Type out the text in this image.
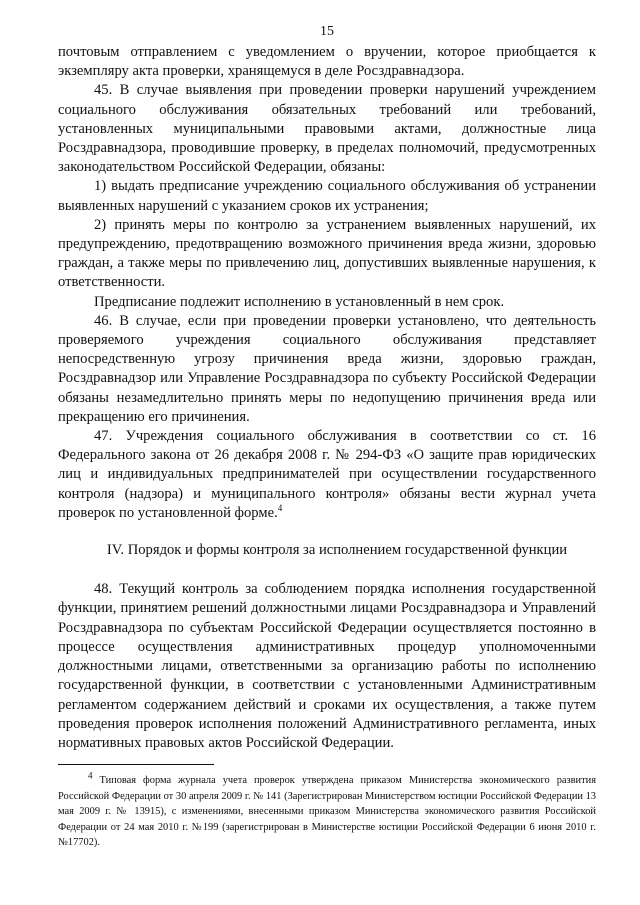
15

почтовым отправлением с уведомлением о вручении, которое приобщается к экземпляру акта проверки, хранящемуся в деле Росздравнадзора.

45. В случае выявления при проведении проверки нарушений учреждением социального обслуживания обязательных требований или требований, установленных муниципальными правовыми актами, должностные лица Росздравнадзора, проводившие проверку, в пределах полномочий, предусмотренных законодательством Российской Федерации, обязаны:

1) выдать предписание учреждению социального обслуживания об устранении выявленных нарушений с указанием сроков их устранения;

2) принять меры по контролю за устранением выявленных нарушений, их предупреждению, предотвращению возможного причинения вреда жизни, здоровью граждан, а также меры по привлечению лиц, допустивших выявленные нарушения, к ответственности.

Предписание подлежит исполнению в установленный в нем срок.

46. В случае, если при проведении проверки установлено, что деятельность проверяемого учреждения социального обслуживания представляет непосредственную угрозу причинения вреда жизни, здоровью граждан, Росздравнадзор или Управление Росздравнадзора по субъекту Российской Федерации обязаны незамедлительно принять меры по недопущению причинения вреда или прекращению его причинения.

47. Учреждения социального обслуживания в соответствии со ст. 16 Федерального закона от 26 декабря 2008 г. № 294-ФЗ «О защите прав юридических лиц и индивидуальных предпринимателей при осуществлении государственного контроля (надзора) и муниципального контроля» обязаны вести журнал учета проверок по установленной форме.$^4$

IV. Порядок и формы контроля за исполнением государственной функции

48. Текущий контроль за соблюдением порядка исполнения государственной функции, принятием решений должностными лицами Росздравнадзора и Управлений Росздравнадзора по субъектам Российской Федерации осуществляется постоянно в процессе осуществления административных процедур уполномоченными должностными лицами, ответственными за организацию работы по исполнению государственной функции, в соответствии с установленными Административным регламентом содержанием действий и сроками их осуществления, а также путем проведения проверок исполнения положений Административного регламента, иных нормативных правовых актов Российской Федерации.

$^4$ Типовая форма журнала учета проверок утверждена приказом Министерства экономического развития Российской Федерации от 30 апреля 2009 г. № 141 (Зарегистрирован Министерством юстиции Российской Федерации 13 мая 2009 г. № 13915), с изменениями, внесенными приказом Министерства экономического развития Российской Федерации от 24 мая 2010 г. №199 (зарегистрирован в Министерстве юстиции Российской Федерации 6 июня 2010 г. №17702).
